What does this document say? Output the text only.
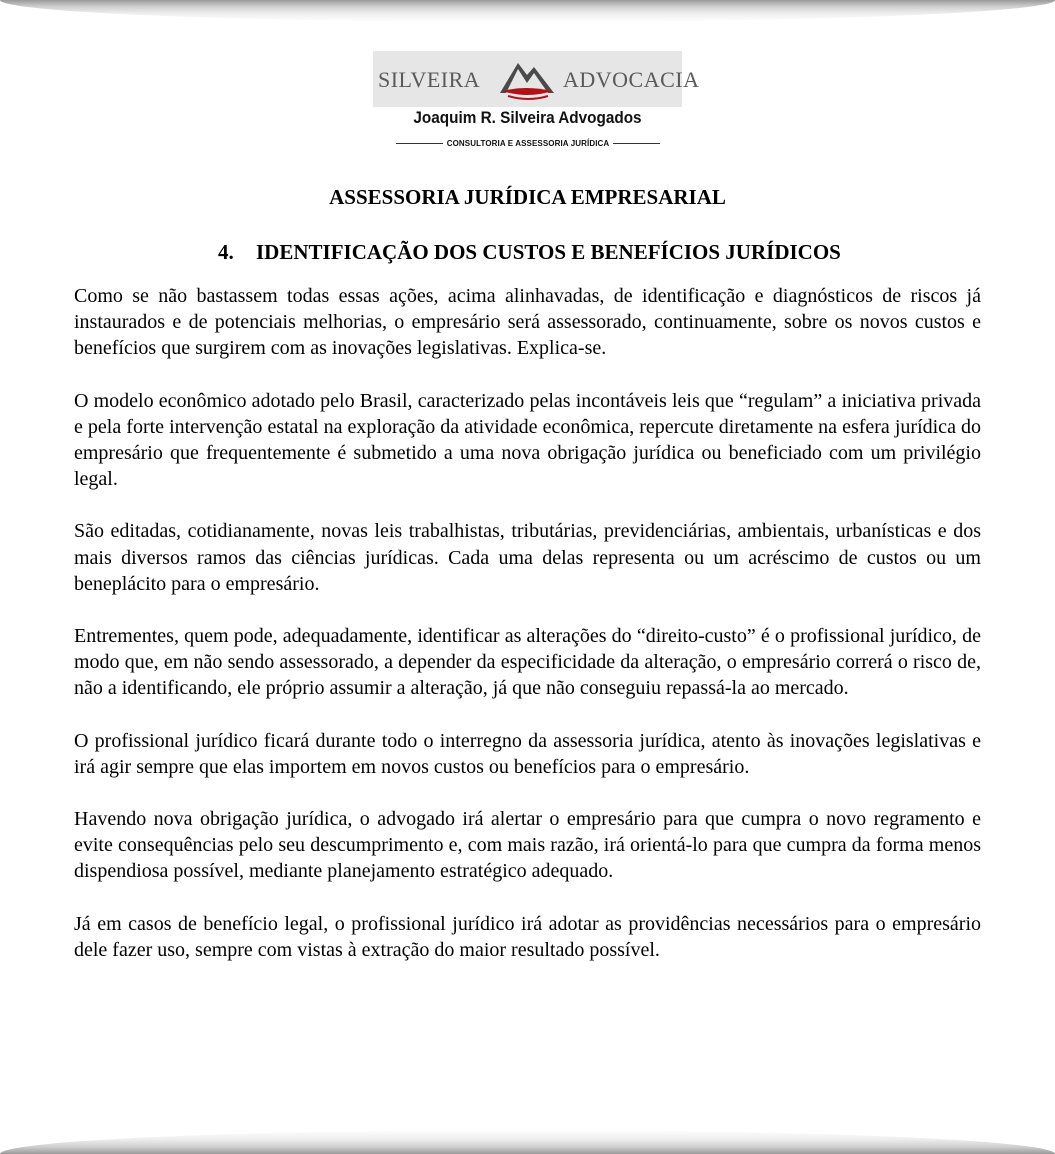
SILVEIRA	ADVOCACIA
Joaquim R. Silveira Advogados
CONSULTORIA E ASSESSORIA JURÍDICA
ASSESSORIA JURÍDICA EMPRESARIAL
4. IDENTIFICAÇÃO DOS CUSTOS E BENEFÍCIOS JURÍDICOS

Como se não bastassem todas essas ações, acima alinhavadas, de identificação e diagnósticos de riscos já instaurados e de potenciais melhorias, o empresário será assessorado, continuamente, sobre os novos custos e benefícios que surgirem com as inovações legislativas. Explica-se.

O modelo econômico adotado pelo Brasil, caracterizado pelas incontáveis leis que “regulam” a iniciativa privada e pela forte intervenção estatal na exploração da atividade econômica, repercute diretamente na esfera jurídica do empresário que frequentemente é submetido a uma nova obrigação jurídica ou beneficiado com um privilégio legal.

São editadas, cotidianamente, novas leis trabalhistas, tributárias, previdenciárias, ambientais, urbanísticas e dos mais diversos ramos das ciências jurídicas. Cada uma delas representa ou um acréscimo de custos ou um beneplácito para o empresário.

Entrementes, quem pode, adequadamente, identificar as alterações do “direito-custo” é o profissional jurídico, de modo que, em não sendo assessorado, a depender da especificidade da alteração, o empresário correrá o risco de, não a identificando, ele próprio assumir a alteração, já que não conseguiu repassá-la ao mercado.

O profissional jurídico ficará durante todo o interregno da assessoria jurídica, atento às inovações legislativas e irá agir sempre que elas importem em novos custos ou benefícios para o empresário.

Havendo nova obrigação jurídica, o advogado irá alertar o empresário para que cumpra o novo regramento e evite consequências pelo seu descumprimento e, com mais razão, irá orientá-lo para que cumpra da forma menos dispendiosa possível, mediante planejamento estratégico adequado.

Já em casos de benefício legal, o profissional jurídico irá adotar as providências necessários para o empresário dele fazer uso, sempre com vistas à extração do maior resultado possível.
